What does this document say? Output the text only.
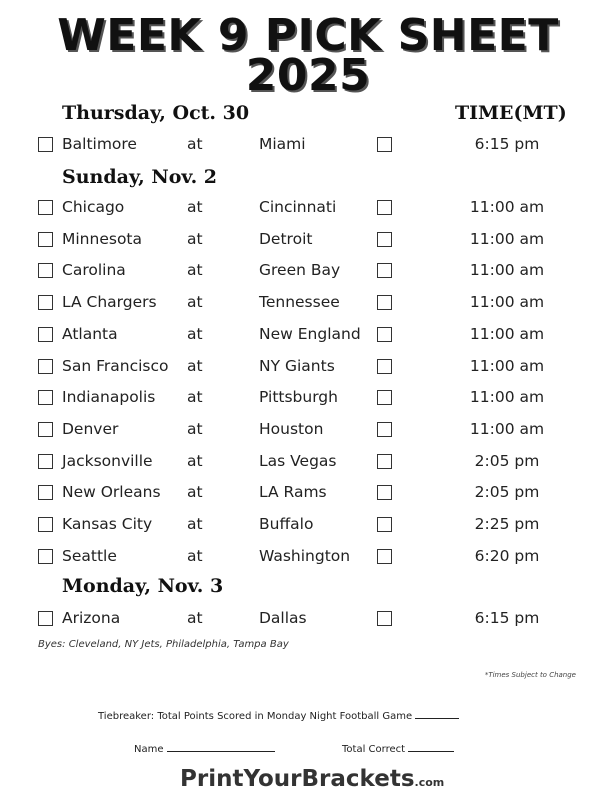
WEEK 9 PICK SHEET
2025
TIME(MT)
Thursday, Oct. 30
Baltimore	at	Miami	6:15 pm
Sunday, Nov. 2
Chicago	at	Cincinnati	11:00 am
Minnesota	at	Detroit	11:00 am
Carolina	at	Green Bay	11:00 am
LA Chargers at	Tennessee	11:00 am
Atlanta	at	New England	11:00 am
San Francisco at	NY Giants	11:00 am
Indianapolis at	Pittsburgh	11:00 am
Denver	at	Houston	11:00 am
Jacksonville at	Las Vegas	2:05 pm
New Orleans at	LA Rams	2:05 pm
Kansas City at	Buffalo	2:25 pm
Seattle	at	Washington	6:20 pm
Monday, Nov. 3
Arizona	at	Dallas	6:15 pm
Byes: Cleveland, NY Jets, Philadelphia, Tampa Bay
*Times Subject to Change
Tiebreaker: Total Points Scored in Monday Night Football Game
Name	Total Correct
PrintYourBrackets.com
